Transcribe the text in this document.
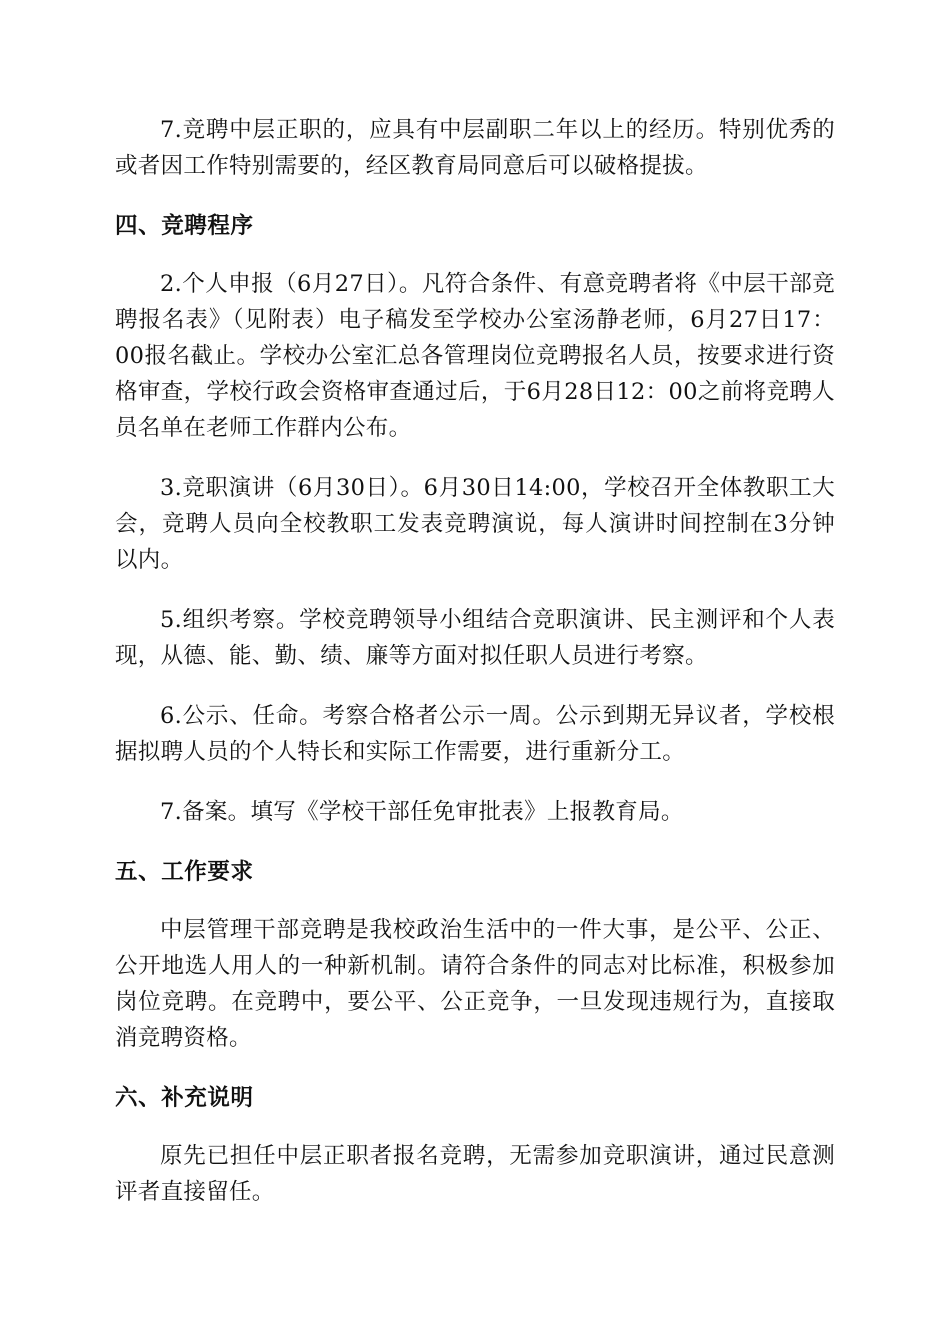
7.竞聘中层正职的，应具有中层副职二年以上的经历。特别优秀的或者因工作特别需要的，经区教育局同意后可以破格提拔。

四、竞聘程序

2.个人申报（6月27日）。凡符合条件、有意竞聘者将《中层干部竞聘报名表》（见附表）电子稿发至学校办公室汤静老师，6月27日17：00报名截止。学校办公室汇总各管理岗位竞聘报名人员，按要求进行资格审查，学校行政会资格审查通过后，于6月28日12：00之前将竞聘人员名单在老师工作群内公布。

3.竞职演讲（6月30日）。6月30日14:00，学校召开全体教职工大会，竞聘人员向全校教职工发表竞聘演说，每人演讲时间控制在3分钟以内。

5.组织考察。学校竞聘领导小组结合竞职演讲、民主测评和个人表现，从德、能、勤、绩、廉等方面对拟任职人员进行考察。

6.公示、任命。考察合格者公示一周。公示到期无异议者，学校根据拟聘人员的个人特长和实际工作需要，进行重新分工。

7.备案。填写《学校干部任免审批表》上报教育局。

五、工作要求

中层管理干部竞聘是我校政治生活中的一件大事，是公平、公正、公开地选人用人的一种新机制。请符合条件的同志对比标准，积极参加岗位竞聘。在竞聘中，要公平、公正竞争，一旦发现违规行为，直接取消竞聘资格。

六、补充说明

原先已担任中层正职者报名竞聘，无需参加竞职演讲，通过民意测评者直接留任。
